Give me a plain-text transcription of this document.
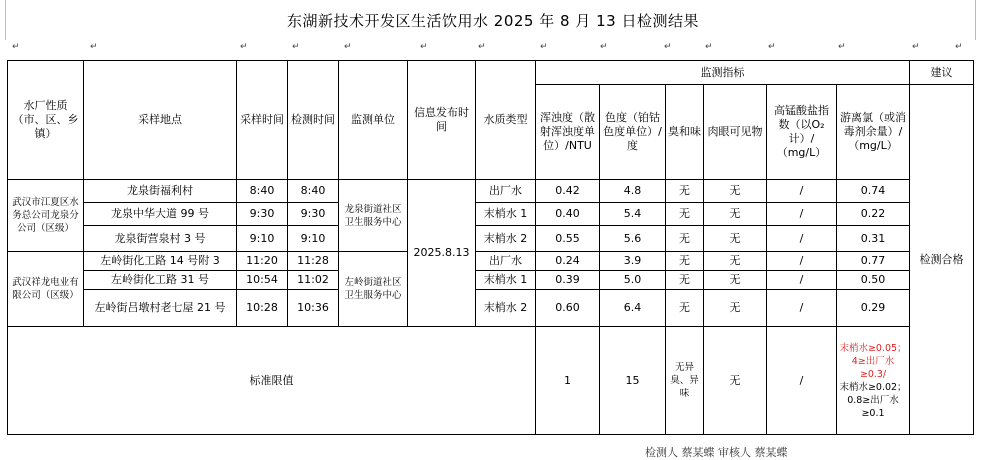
东湖新技术开发区生活饮用水 2025 年 8 月 13 日检测结果
↵	↵	↵	↵	↵	↵	↵	↵	↵	↵	↵	↵	↵	↵	↵
水厂性质（市、区、乡镇）	采样地点	采样时间	检测时间	监测单位	信息发布时间	水质类型	监测指标						建议
							浑浊度（散射浑浊度单位）/NTU	色度（铂钴色度单位）/度	臭和味	肉眼可见物	高锰酸盐指数（以O₂计）/（mg/L）	游离氯（或消毒剂余量）/（mg/L）	检测合格
武汉市江夏区水务总公司龙泉分公司（区级）	龙泉街福利村	8:40	8:40	龙泉街道社区卫生服务中心	2025.8.13	出厂水	0.42	4.8	无	无	/	0.74	
	龙泉中华大道 99 号	9:30	9:30			末梢水 1	0.40	5.4	无	无	/	0.22	
	龙泉街营泉村 3 号	9:10	9:10			末梢水 2	0.55	5.6	无	无	/	0.31	
武汉祥龙电业有限公司（区级）	左岭街化工路 14 号附 3	11:20	11:28	左岭街道社区卫生服务中心		出厂水	0.24	3.9	无	无	/	0.77	
	左岭街化工路 31 号	10:54	11:02			末梢水 1	0.39	5.0	无	无	/	0.50	
	左岭街吕墩村老七屋 21 号	10:28	10:36			末梢水 2	0.60	6.4	无	无	/	0.29	
标准限值							1	15	无异臭、异味	无	/	末梢水≥0.05；4≥出厂水≥0.3/
末梢水≥0.02；0.8≥出厂水≥0.1	
检测人 蔡某蝶 审核人 蔡某蝶
